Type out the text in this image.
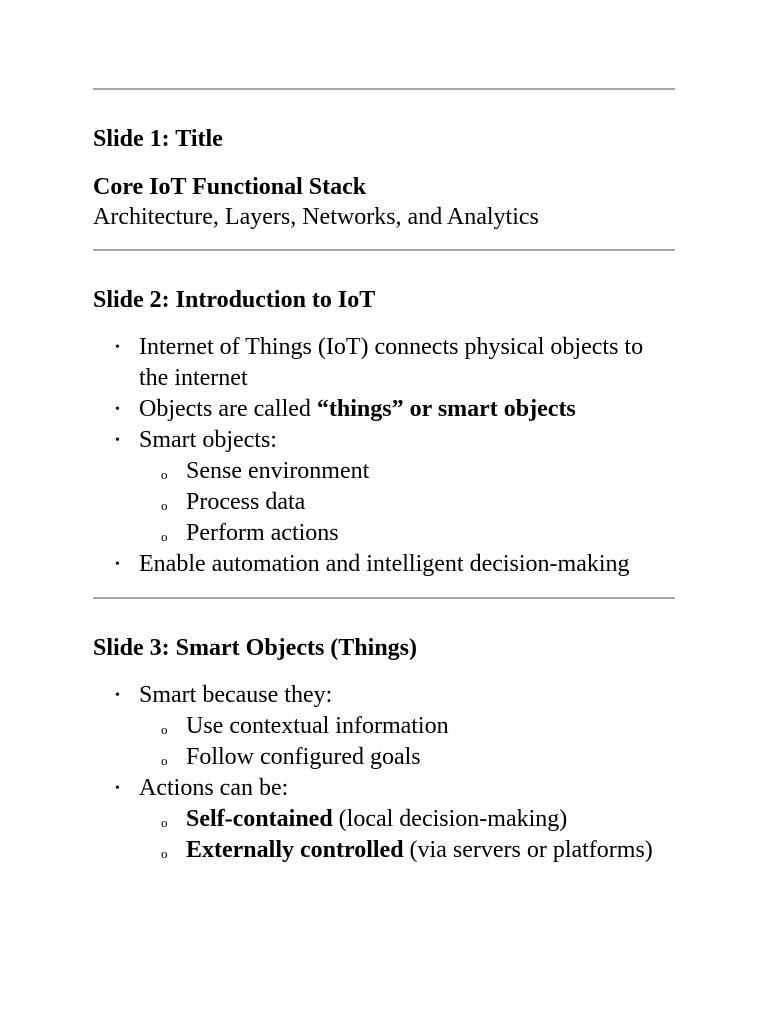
Slide 1: Title
Core IoT Functional Stack
Architecture, Layers, Networks, and Analytics
Slide 2: Introduction to IoT
• Internet of Things (IoT) connects physical objects to the internet
• Objects are called “things” or smart objects
• Smart objects:
o Sense environment
o Process data
o Perform actions
• Enable automation and intelligent decision-making
Slide 3: Smart Objects (Things)
• Smart because they:
o Use contextual information
o Follow configured goals
• Actions can be:
o Self-contained (local decision-making)
o Externally controlled (via servers or platforms)
